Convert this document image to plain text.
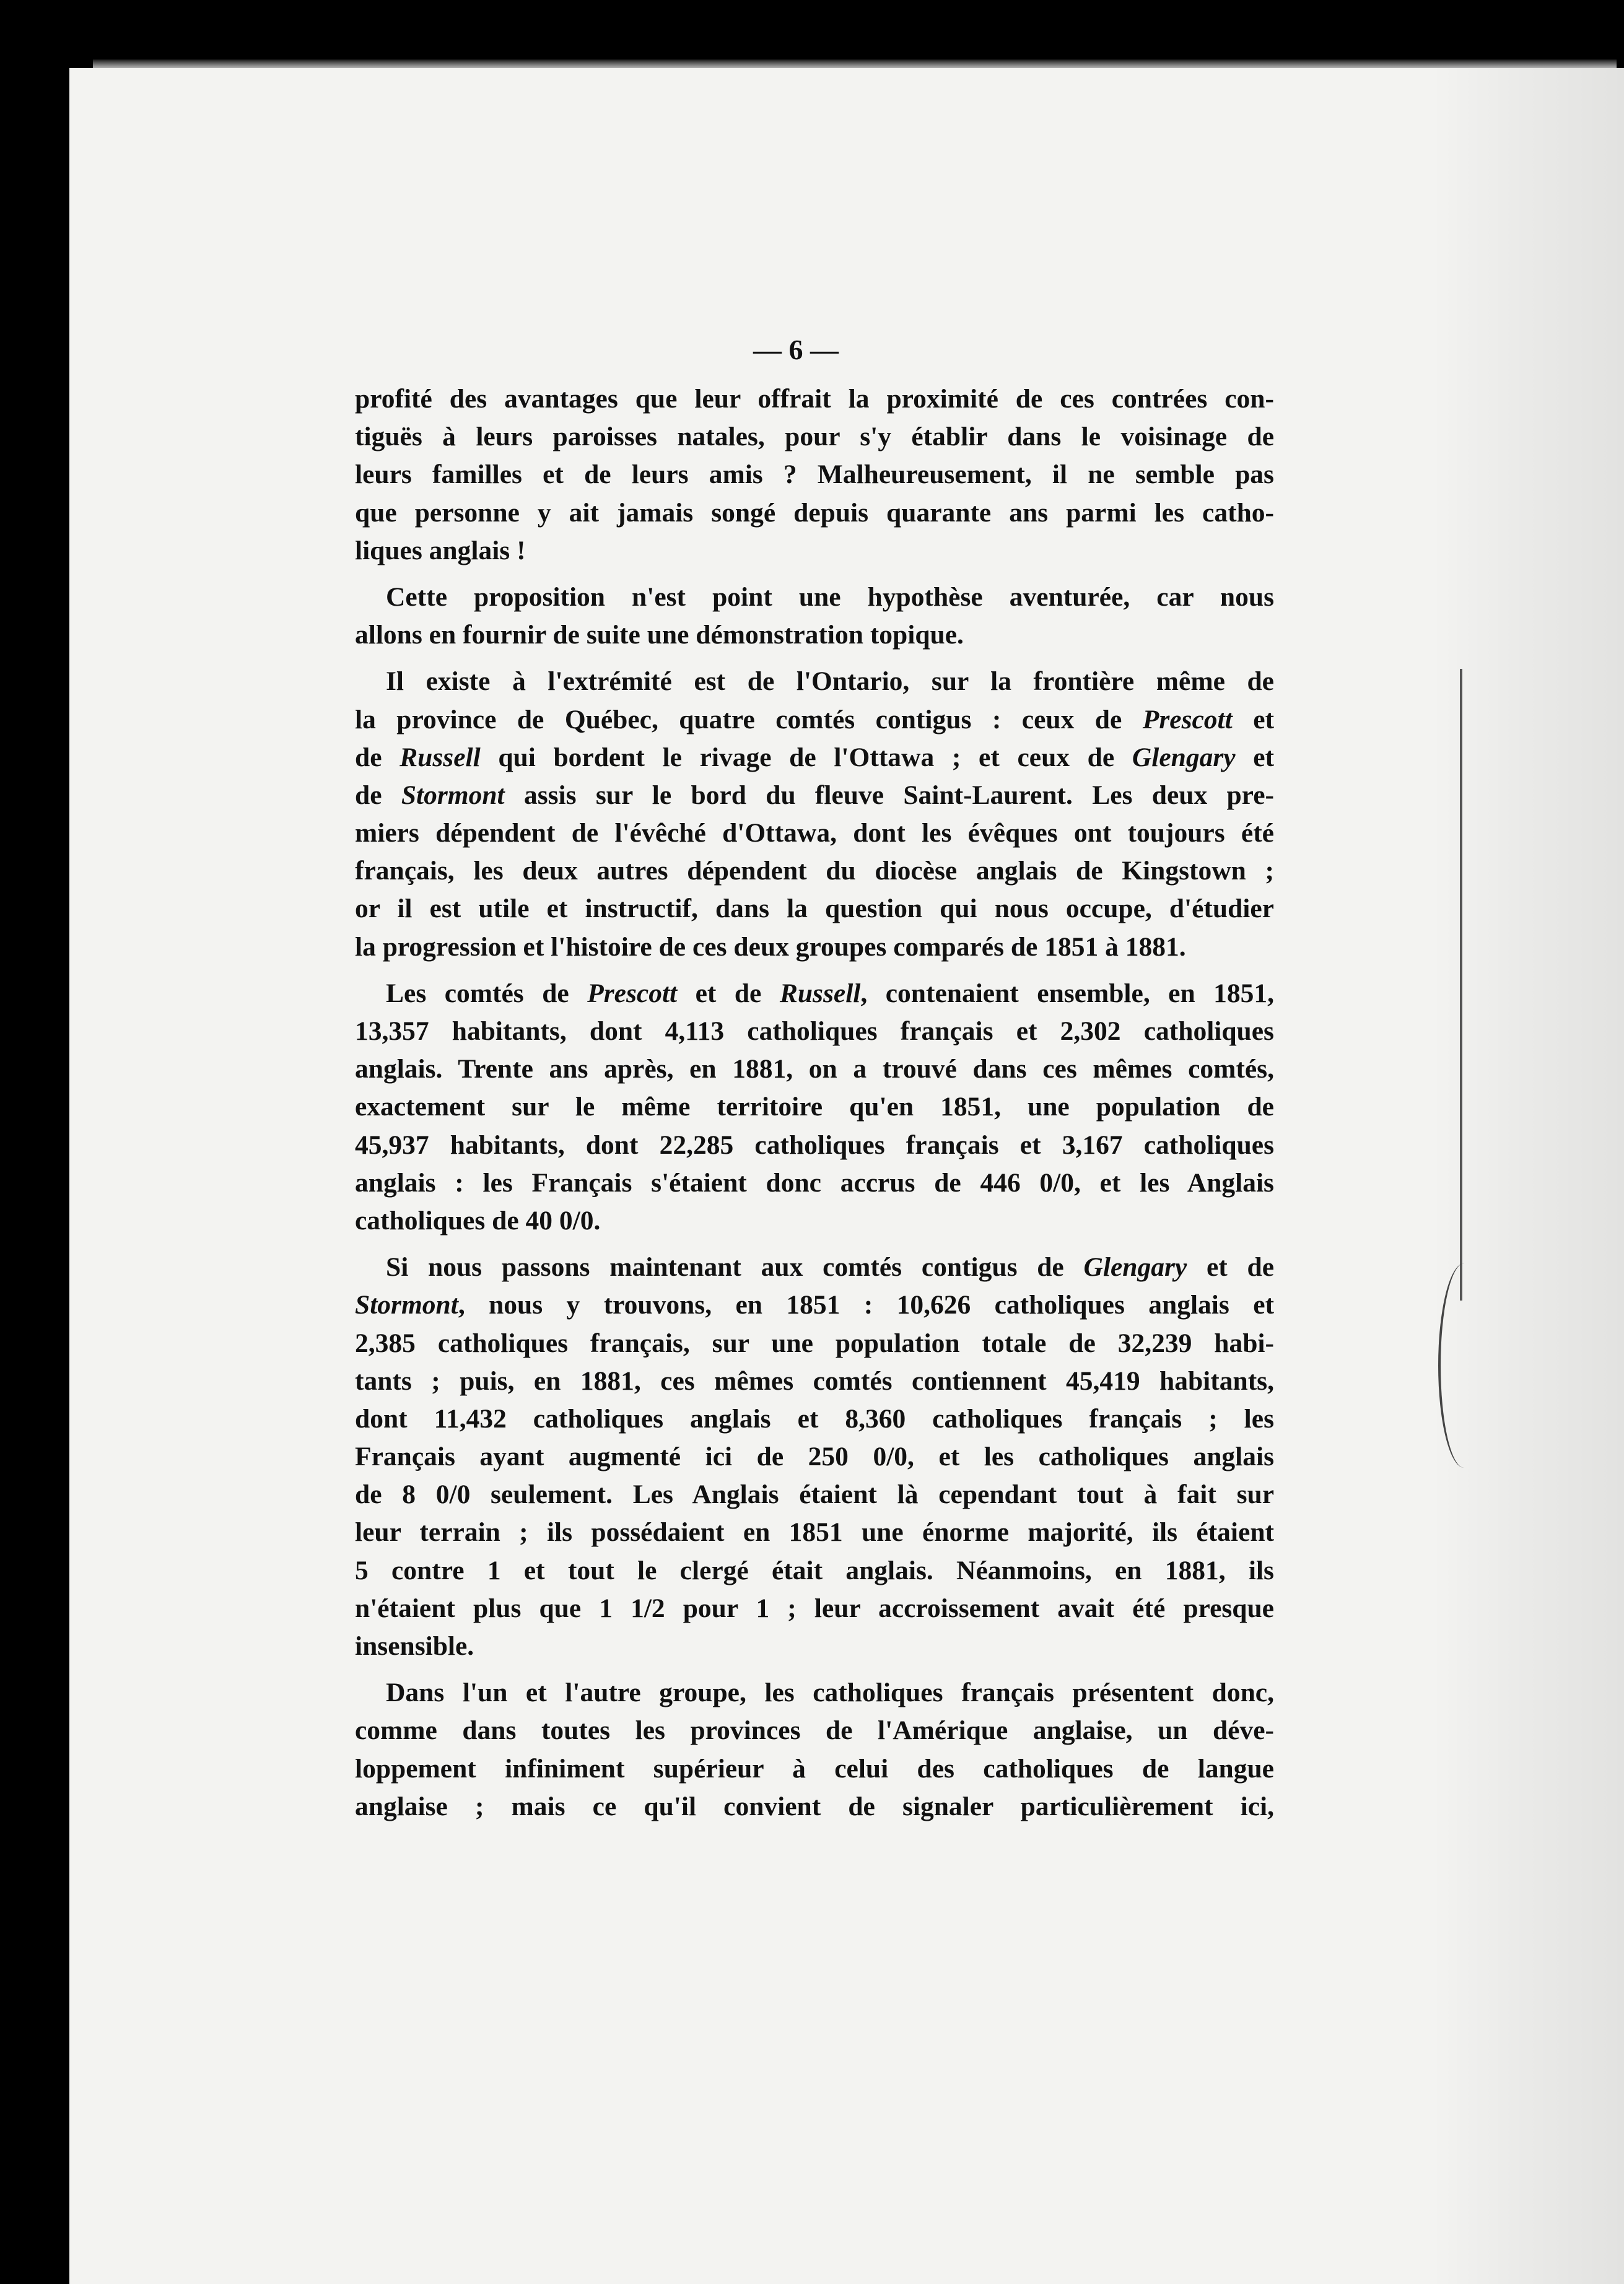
— 6 —

profité des avantages que leur offrait la proximité de ces contrées con-
tiguës à leurs paroisses natales, pour s'y établir dans le voisinage de
leurs familles et de leurs amis ? Malheureusement, il ne semble pas
que personne y ait jamais songé depuis quarante ans parmi les catho-
liques anglais !

Cette proposition n'est point une hypothèse aventurée, car nous
allons en fournir de suite une démonstration topique.

Il existe à l'extrémité est de l'Ontario, sur la frontière même de
la province de Québec, quatre comtés contigus : ceux de Prescott et
de Russell qui bordent le rivage de l'Ottawa ; et ceux de Glengary et
de Stormont assis sur le bord du fleuve Saint-Laurent. Les deux pre-
miers dépendent de l'évêché d'Ottawa, dont les évêques ont toujours été
français, les deux autres dépendent du diocèse anglais de Kingstown ;
or il est utile et instructif, dans la question qui nous occupe, d'étudier
la progression et l'histoire de ces deux groupes comparés de 1851 à 1881.

Les comtés de Prescott et de Russell, contenaient ensemble, en 1851,
13,357 habitants, dont 4,113 catholiques français et 2,302 catholiques
anglais. Trente ans après, en 1881, on a trouvé dans ces mêmes comtés,
exactement sur le même territoire qu'en 1851, une population de
45,937 habitants, dont 22,285 catholiques français et 3,167 catholiques
anglais : les Français s'étaient donc accrus de 446 0/0, et les Anglais
catholiques de 40 0/0.

Si nous passons maintenant aux comtés contigus de Glengary et de
Stormont, nous y trouvons, en 1851 : 10,626 catholiques anglais et
2,385 catholiques français, sur une population totale de 32,239 habi-
tants ; puis, en 1881, ces mêmes comtés contiennent 45,419 habitants,
dont 11,432 catholiques anglais et 8,360 catholiques français ; les
Français ayant augmenté ici de 250 0/0, et les catholiques anglais
de 8 0/0 seulement. Les Anglais étaient là cependant tout à fait sur
leur terrain ; ils possédaient en 1851 une énorme majorité, ils étaient
5 contre 1 et tout le clergé était anglais. Néanmoins, en 1881, ils
n'étaient plus que 1 1/2 pour 1 ; leur accroissement avait été presque
insensible.

Dans l'un et l'autre groupe, les catholiques français présentent donc,
comme dans toutes les provinces de l'Amérique anglaise, un déve-
loppement infiniment supérieur à celui des catholiques de langue
anglaise ; mais ce qu'il convient de signaler particulièrement ici,
